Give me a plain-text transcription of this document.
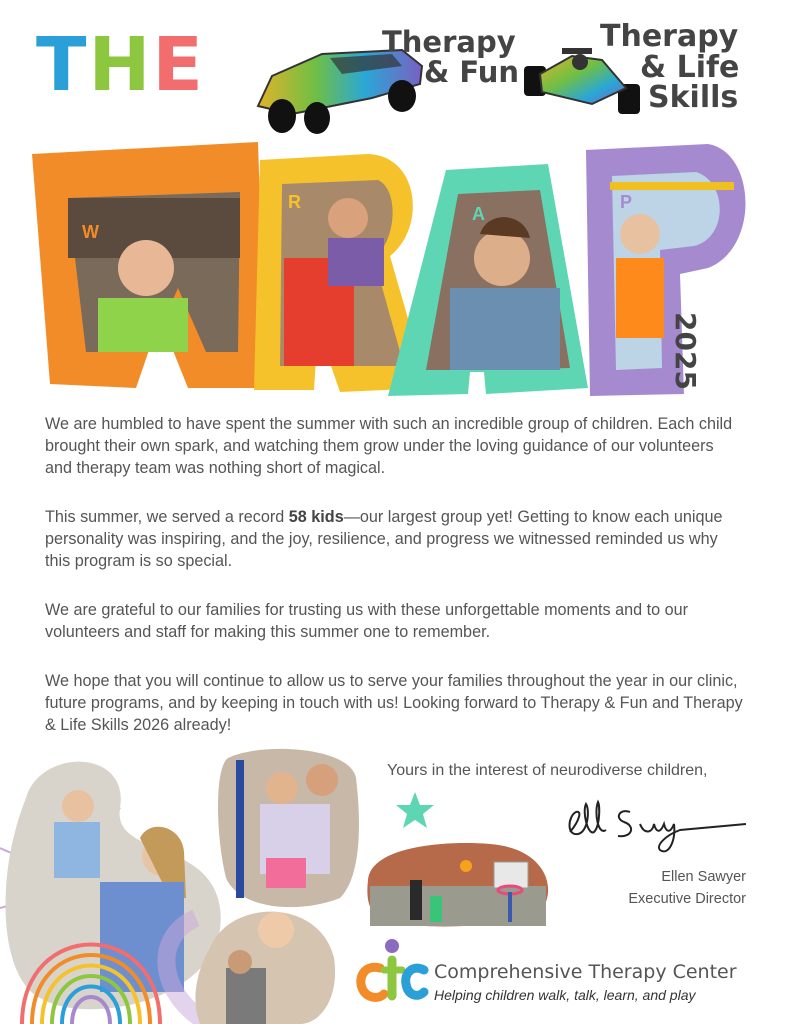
THE	Therapy
& Fun
Therapy
& Life
Skills
W
R
A
P
2025

We are humbled to have spent the summer with such an incredible group of children. Each child brought their own spark, and watching them grow under the loving guidance of our volunteers and therapy team was nothing short of magical.

This summer, we served a record 58 kids—our largest group yet! Getting to know each unique personality was inspiring, and the joy, resilience, and progress we witnessed reminded us why this program is so special.

We are grateful to our families for trusting us with these unforgettable moments and to our volunteers and staff for making this summer one to remember.

We hope that you will continue to allow us to serve your families throughout the year in our clinic, future programs, and by keeping in touch with us! Looking forward to Therapy & Fun and Therapy & Life Skills 2026 already!

Yours in the interest of neurodiverse children,
Ellen Sawyer
Executive Director
Comprehensive Therapy Center
Helping children walk, talk, learn, and play
